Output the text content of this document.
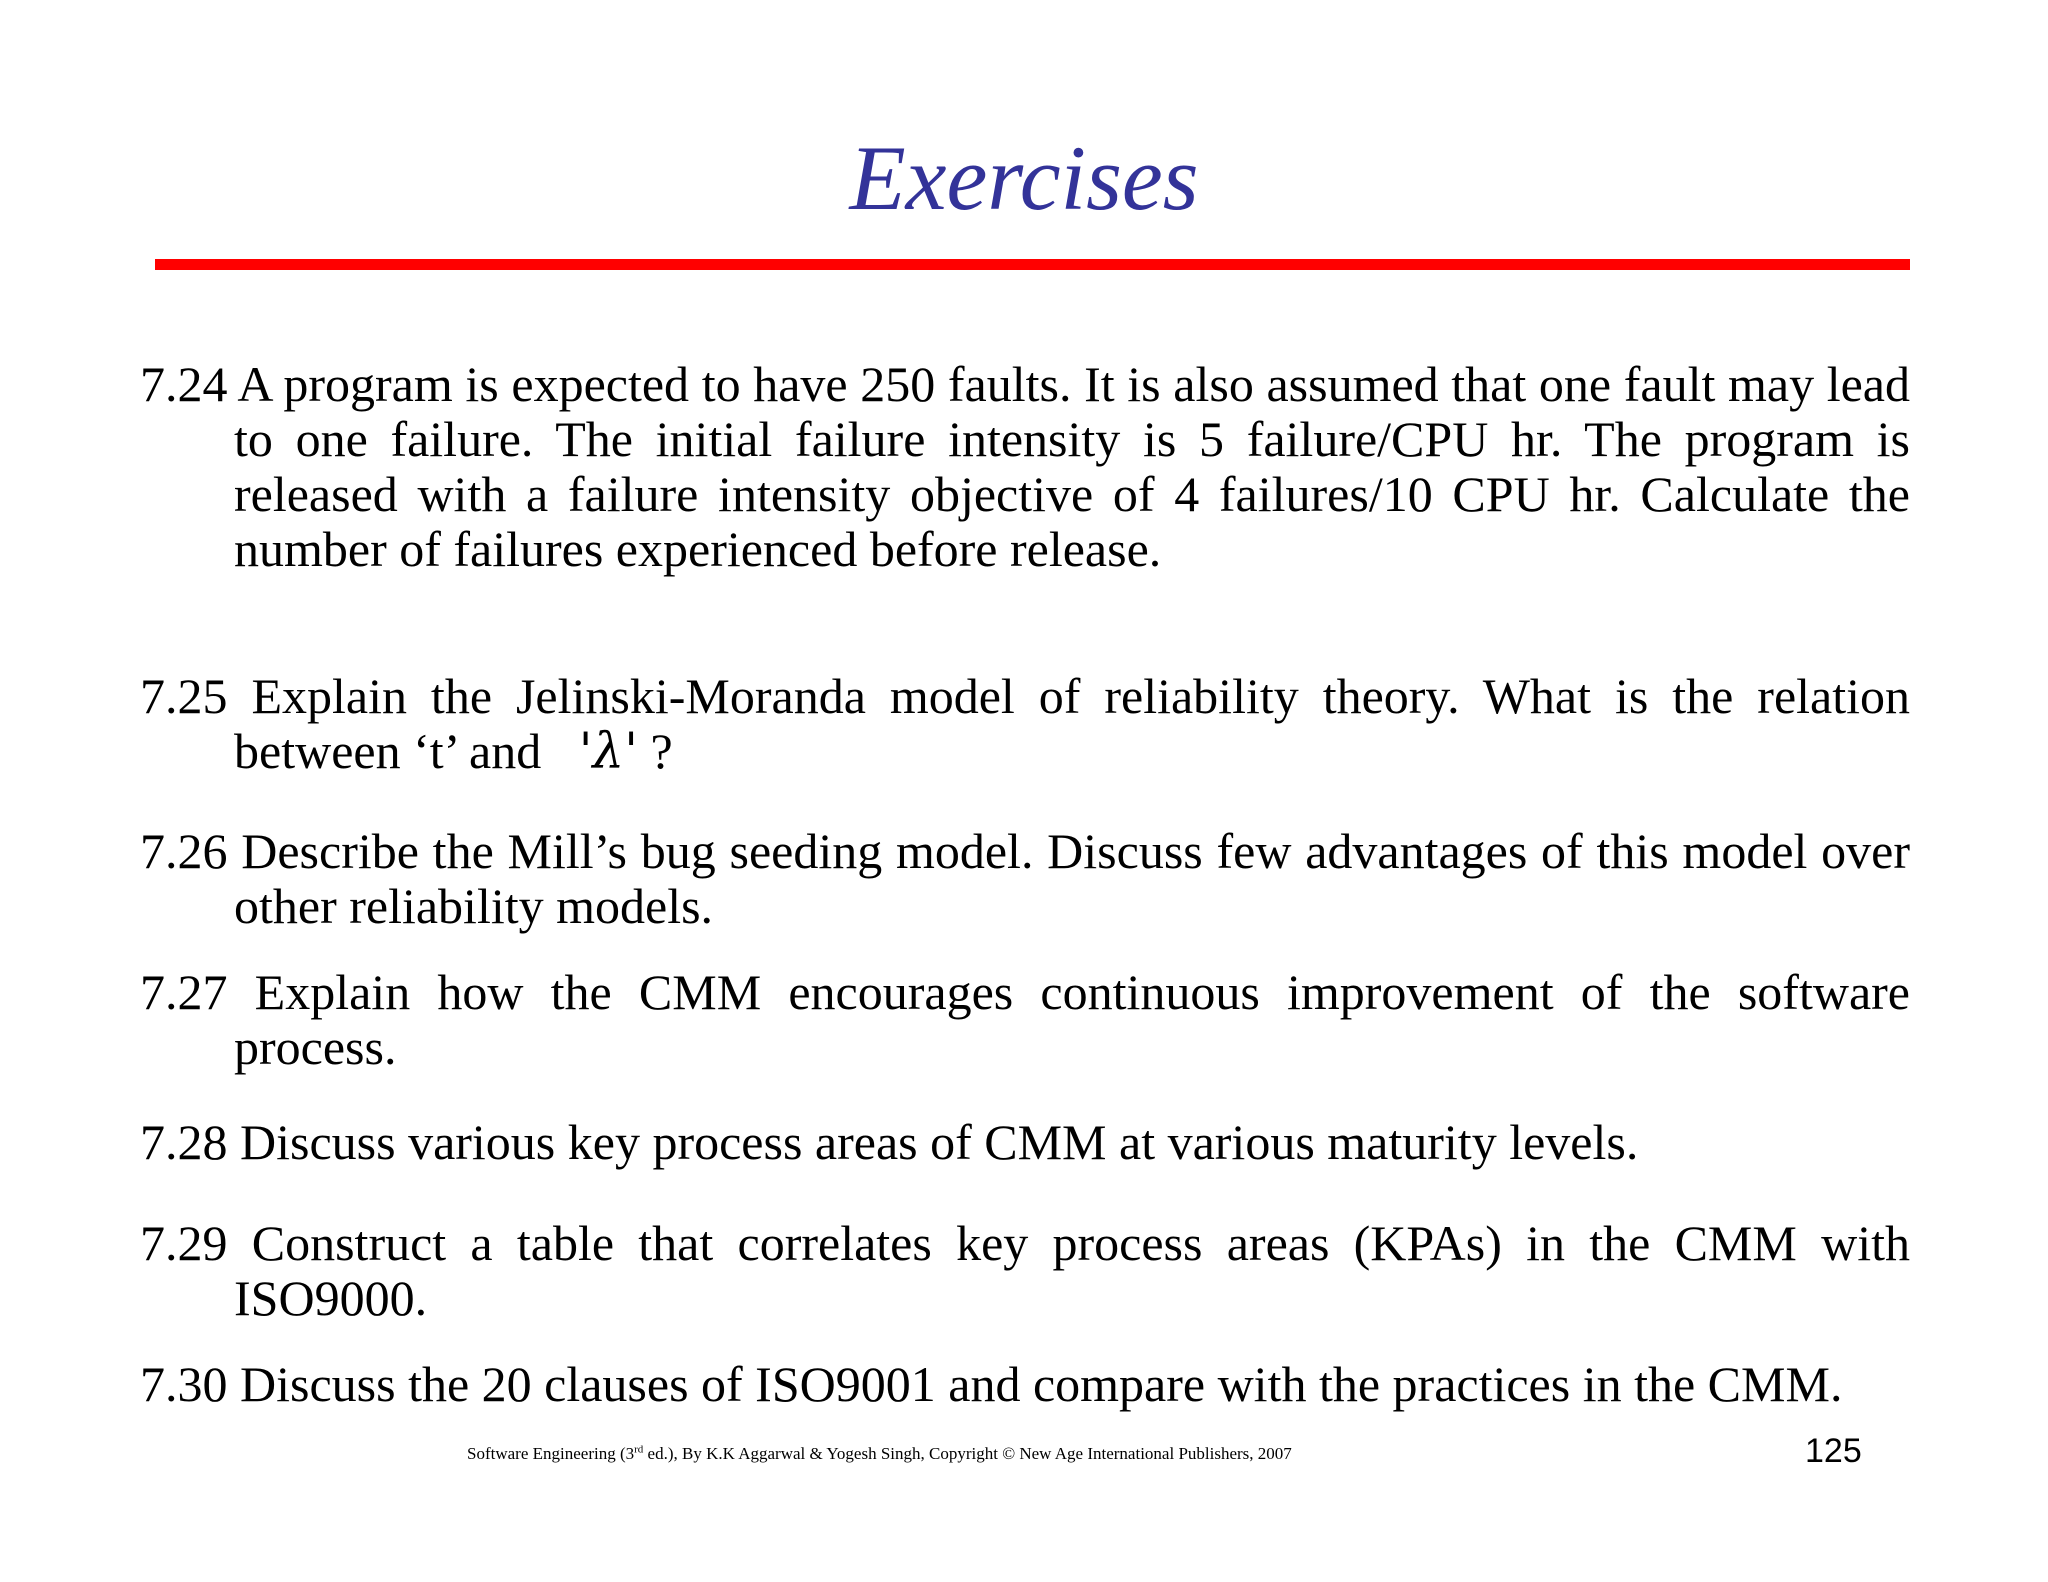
Exercises

7.24 A program is expected to have 250 faults. It is also assumed that one fault may lead to one failure. The initial failure intensity is 5 failure/CPU hr. The program is released with a failure intensity objective of 4 failures/10 CPU hr. Calculate the number of failures experienced before release.

7.25 Explain the Jelinski-Moranda model of reliability theory. What is the relation between ‘t’ and 'λ' ?

7.26 Describe the Mill’s bug seeding model. Discuss few advantages of this model over other reliability models.

7.27 Explain how the CMM encourages continuous improvement of the software process.

7.28 Discuss various key process areas of CMM at various maturity levels.

7.29 Construct a table that correlates key process areas (KPAs) in the CMM with ISO9000.

7.30 Discuss the 20 clauses of ISO9001 and compare with the practices in the CMM.

Software Engineering (3rd ed.), By K.K Aggarwal & Yogesh Singh, Copyright © New Age International Publishers, 2007	125
